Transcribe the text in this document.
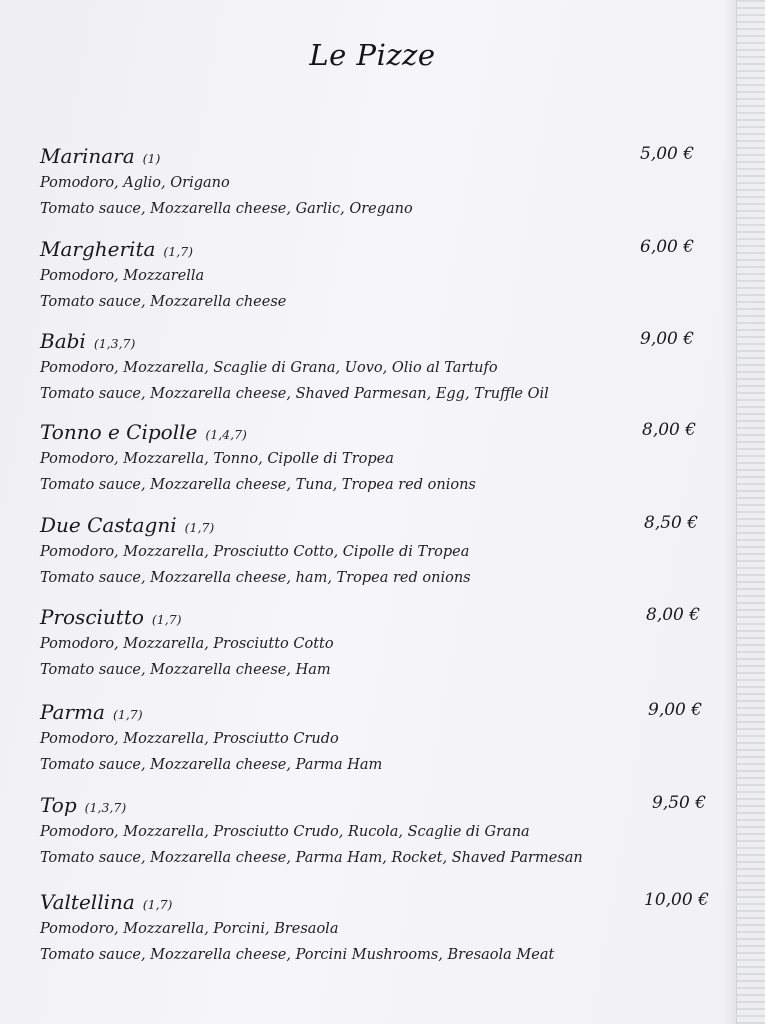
Le Pizze
Marinara (1)	5,00 €
Pomodoro, Aglio, Origano
Tomato sauce, Mozzarella cheese, Garlic, Oregano
Margherita (1,7)	6,00 €
Pomodoro, Mozzarella
Tomato sauce, Mozzarella cheese
Babi (1,3,7)	9,00 €
Pomodoro, Mozzarella, Scaglie di Grana, Uovo, Olio al Tartufo
Tomato sauce, Mozzarella cheese, Shaved Parmesan, Egg, Truffle Oil
Tonno e Cipolle (1,4,7)	8,00 €
Pomodoro, Mozzarella, Tonno, Cipolle di Tropea
Tomato sauce, Mozzarella cheese, Tuna, Tropea red onions
Due Castagni (1,7)	8,50 €
Pomodoro, Mozzarella, Prosciutto Cotto, Cipolle di Tropea
Tomato sauce, Mozzarella cheese, ham, Tropea red onions
Prosciutto (1,7)	8,00 €
Pomodoro, Mozzarella, Prosciutto Cotto
Tomato sauce, Mozzarella cheese, Ham
Parma (1,7)	9,00 €
Pomodoro, Mozzarella, Prosciutto Crudo
Tomato sauce, Mozzarella cheese, Parma Ham
Top (1,3,7)	9,50 €
Pomodoro, Mozzarella, Prosciutto Crudo, Rucola, Scaglie di Grana
Tomato sauce, Mozzarella cheese, Parma Ham, Rocket, Shaved Parmesan
Valtellina (1,7)	10,00 €
Pomodoro, Mozzarella, Porcini, Bresaola
Tomato sauce, Mozzarella cheese, Porcini Mushrooms, Bresaola Meat
